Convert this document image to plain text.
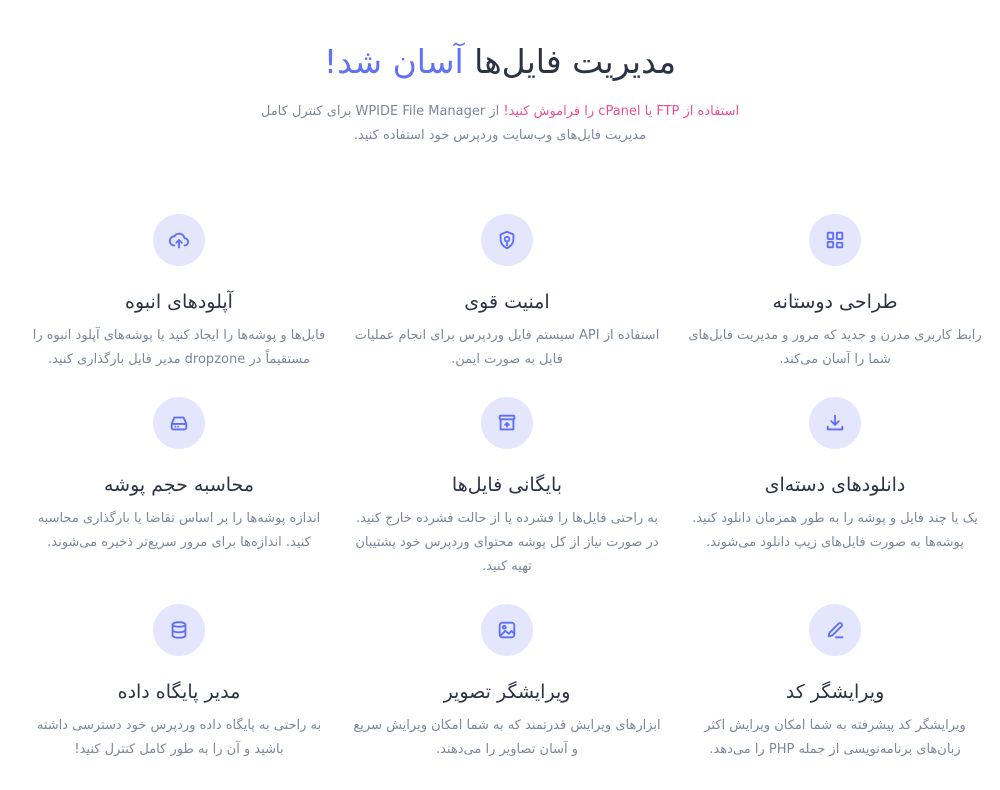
مدیریت فایل‌ها آسان شد!

استفاده از FTP یا cPanel را فراموش کنید! از WPIDE File Manager برای کنترل کامل مدیریت فایل‌های وب‌سایت وردپرس خود استفاده کنید.

طراحی دوستانه

رابط کاربری مدرن و جدید که مرور و مدیریت فایل‌های شما را آسان می‌کند.

امنیت قوی

استفاده از API سیستم فایل وردپرس برای انجام عملیات فایل به صورت ایمن.

آپلودهای انبوه

فایل‌ها و پوشه‌ها را ایجاد کنید یا پوشه‌های آپلود انبوه را مستقیماً در dropzone مدیر فایل بارگذاری کنید.

دانلودهای دسته‌ای

یک یا چند فایل و پوشه را به طور همزمان دانلود کنید. پوشه‌ها به صورت فایل‌های زیپ دانلود می‌شوند.

بایگانی فایل‌ها

به راحتی فایل‌ها را فشرده یا از حالت فشرده خارج کنید. در صورت نیاز از کل پوشه محتوای وردپرس خود پشتیبان تهیه کنید.

محاسبه حجم پوشه

اندازه پوشه‌ها را بر اساس تقاضا یا بارگذاری محاسبه کنید. اندازه‌ها برای مرور سریع‌تر ذخیره می‌شوند.

ویرایشگر کد

ویرایشگر کد پیشرفته به شما امکان ویرایش اکثر زبان‌های برنامه‌نویسی از جمله PHP را می‌دهد.

ویرایشگر تصویر

ابزارهای ویرایش قدرتمند که به شما امکان ویرایش سریع و آسان تصاویر را می‌دهند.

مدیر پایگاه داده

به راحتی به پایگاه داده وردپرس خود دسترسی داشته باشید و آن را به طور کامل کنترل کنید!
